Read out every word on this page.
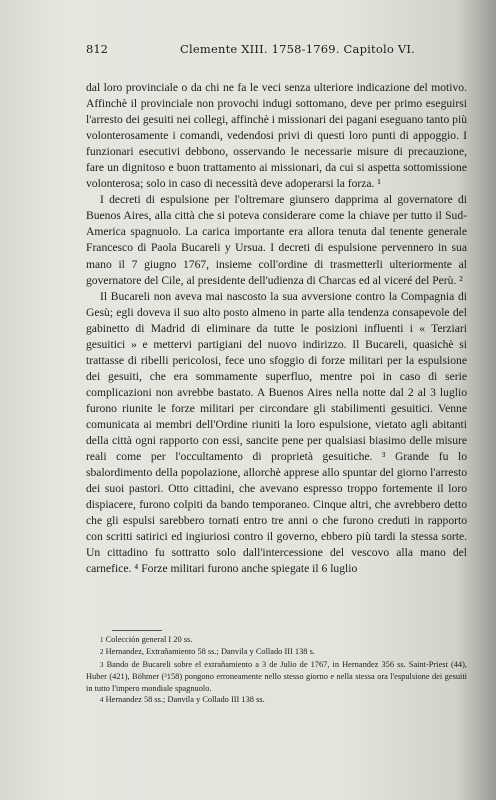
812	Clemente XIII. 1758-1769. Capitolo VI.

dal loro provinciale o da chi ne fa le veci senza ulteriore indicazione del motivo. Affinchè il provinciale non provochi indugi sottomano, deve per primo eseguirsi l'arresto dei gesuiti nei collegi, affinchè i missionari dei pagani eseguano tanto più volonterosamente i comandi, vedendosi privi di questi loro punti di appoggio. I funzionari esecutivi debbono, osservando le necessarie misure di precauzione, fare un dignitoso e buon trattamento ai missionari, da cui si aspetta sottomissione volonterosa; solo in caso di necessità deve adoperarsi la forza. ¹

I decreti di espulsione per l'oltremare giunsero dapprima al governatore di Buenos Aires, alla città che si poteva considerare come la chiave per tutto il Sud-America spagnuolo. La carica importante era allora tenuta dal tenente generale Francesco di Paola Bucareli y Ursua. I decreti di espulsione pervennero in sua mano il 7 giugno 1767, insieme coll'ordine di trasmetterli ulteriormente al governatore del Cile, al presidente dell'udienza di Charcas ed al viceré del Perù. ²

Il Bucareli non aveva mai nascosto la sua avversione contro la Compagnia di Gesù; egli doveva il suo alto posto almeno in parte alla tendenza consapevole del gabinetto di Madrid di eliminare da tutte le posizioni influenti i « Terziari gesuitici » e mettervi partigiani del nuovo indirizzo. Il Bucareli, quasichè si trattasse di ribelli pericolosi, fece uno sfoggio di forze militari per la espulsione dei gesuiti, che era sommamente superfluo, mentre poi in caso di serie complicazioni non avrebbe bastato. A Buenos Aires nella notte dal 2 al 3 luglio furono riunite le forze militari per circondare gli stabilimenti gesuitici. Venne comunicata ai membri dell'Ordine riuniti la loro espulsione, vietato agli abitanti della città ogni rapporto con essi, sancite pene per qualsiasi biasimo delle misure reali come per l'occultamento di proprietà gesuitiche. ³ Grande fu lo sbalordimento della popolazione, allorchè apprese allo spuntar del giorno l'arresto dei suoi pastori. Otto cittadini, che avevano espresso troppo fortemente il loro dispiacere, furono colpiti da bando temporaneo. Cinque altri, che avrebbero detto che gli espulsi sarebbero tornati entro tre anni o che furono creduti in rapporto con scritti satirici ed ingiuriosi contro il governo, ebbero più tardi la stessa sorte. Un cittadino fu sottratto solo dall'intercessione del vescovo alla mano del carnefice. ⁴ Forze militari furono anche spiegate il 6 luglio

1 Colección general I 20 ss.

2 Hernandez, Extrañamiento 58 ss.; Danvila y Collado III 138 s.

3 Bando de Bucareli sobre el extrañamiento a 3 de Julio de 1767, in Hernandez 356 ss. Saint-Priest (44), Huber (421), Böhmer (³158) pongono erroneamente nello stesso giorno e nella stessa ora l'espulsione dei gesuiti in tutto l'impero mondiale spagnuolo.

4 Hernandez 58 ss.; Danvila y Collado III 138 ss.
